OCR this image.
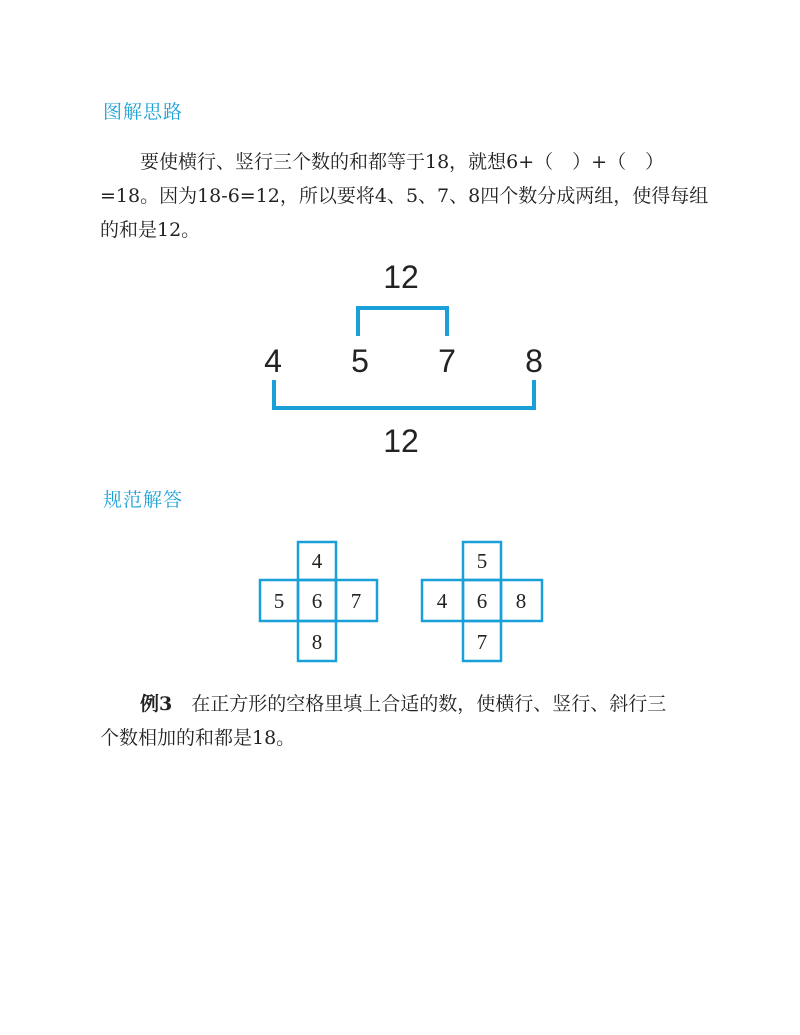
图解思路
要使横行、竖行三个数的和都等于18，就想6+（　）+（　）
=18。因为18-6=12，所以要将4、5、7、8四个数分成两组，使得每组
的和是12。
12
4 5 7 8
12
规范解答
4
5 6 7
8
5
4 6 8
7
例3　 在正方形的空格里填上合适的数，使横行、竖行、斜行三
个数相加的和都是18。
